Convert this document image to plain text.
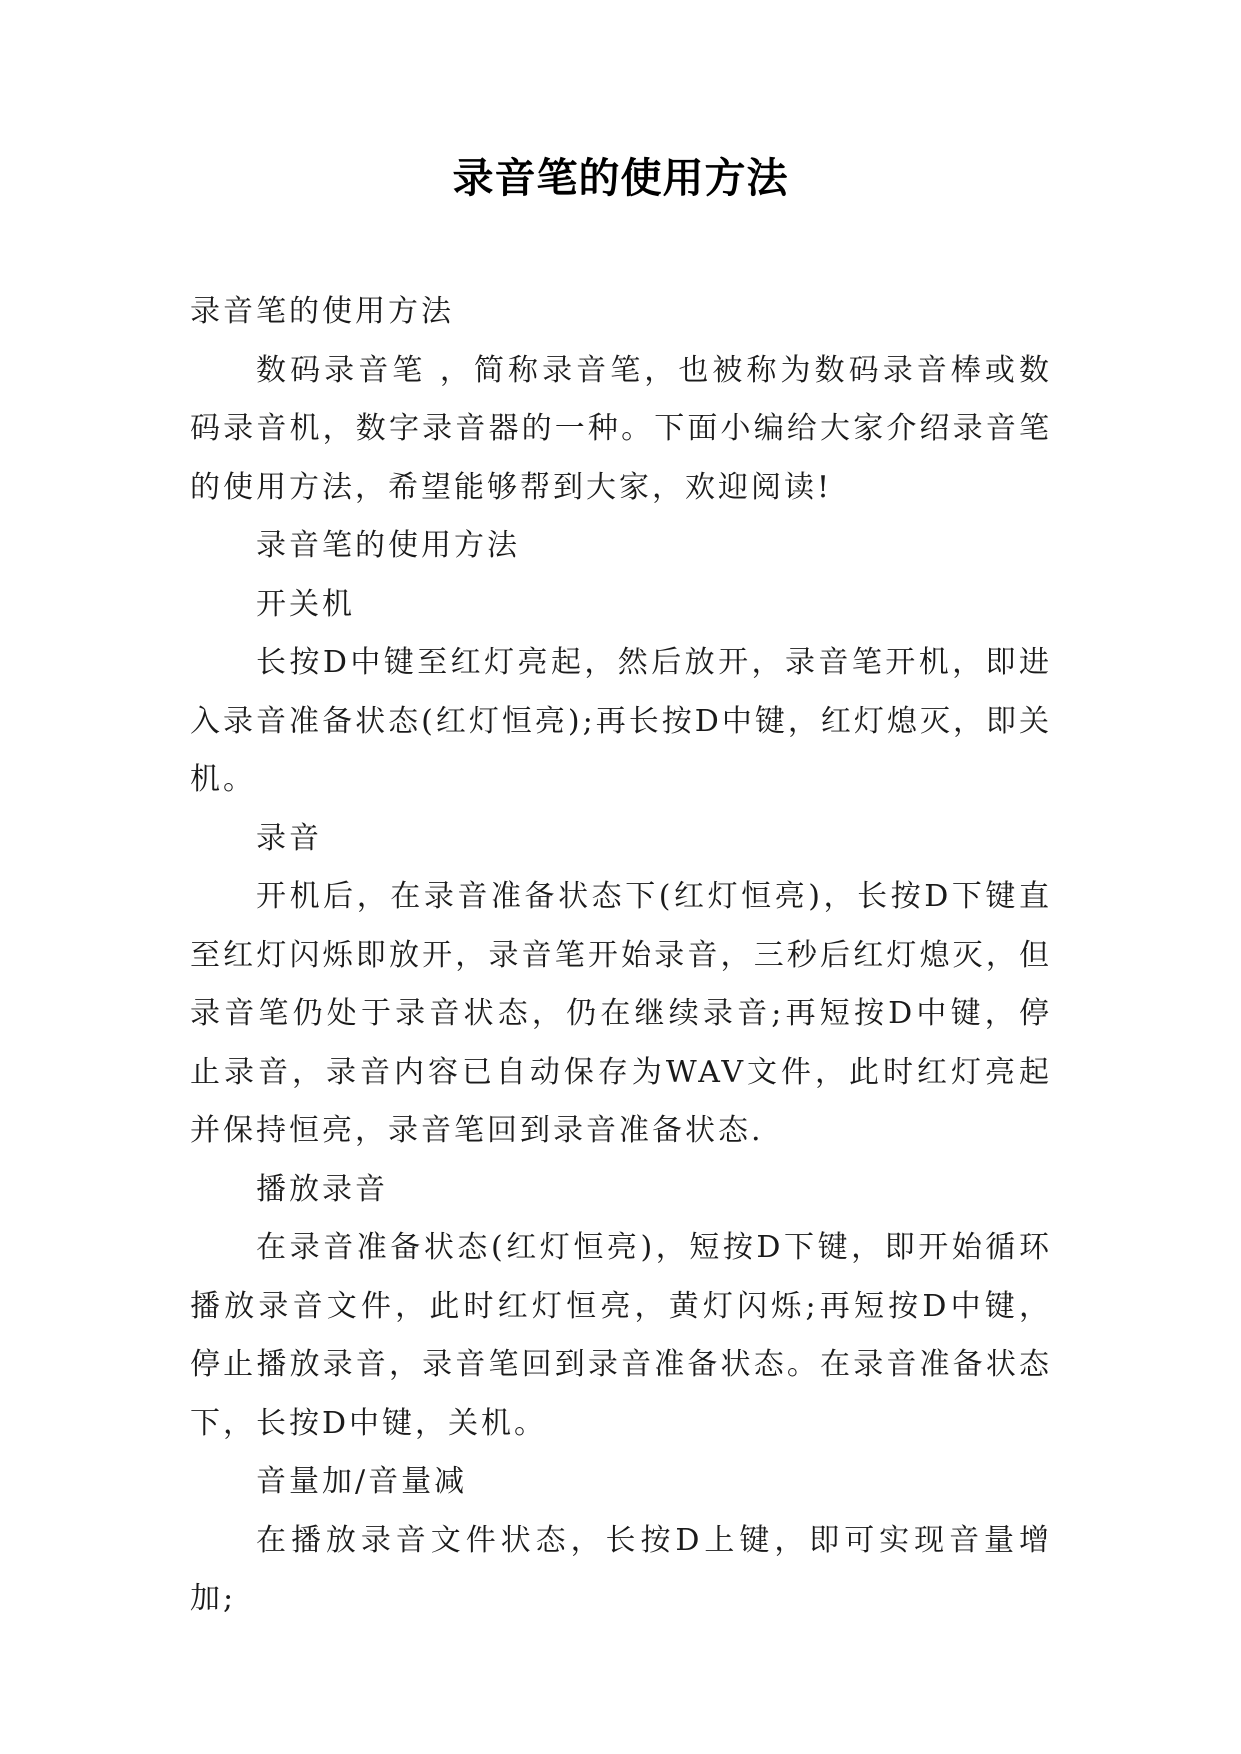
录音笔的使用方法

录音笔的使用方法

数码录音笔 ，简称录音笔，也被称为数码录音棒或数码录音机，数字录音器的一种。下面小编给大家介绍录音笔的使用方法，希望能够帮到大家，欢迎阅读!

录音笔的使用方法

开关机

长按D中键至红灯亮起，然后放开，录音笔开机，即进入录音准备状态(红灯恒亮);再长按D中键，红灯熄灭，即关机。

录音

开机后，在录音准备状态下(红灯恒亮)，长按D下键直至红灯闪烁即放开，录音笔开始录音，三秒后红灯熄灭，但录音笔仍处于录音状态，仍在继续录音;再短按D中键，停止录音，录音内容已自动保存为WAV文件，此时红灯亮起并保持恒亮，录音笔回到录音准备状态.

播放录音

在录音准备状态(红灯恒亮)，短按D下键，即开始循环播放录音文件，此时红灯恒亮，黄灯闪烁;再短按D中键，停止播放录音，录音笔回到录音准备状态。在录音准备状态下，长按D中键，关机。

音量加/音量减

在播放录音文件状态，长按D上键，即可实现音量增加;
